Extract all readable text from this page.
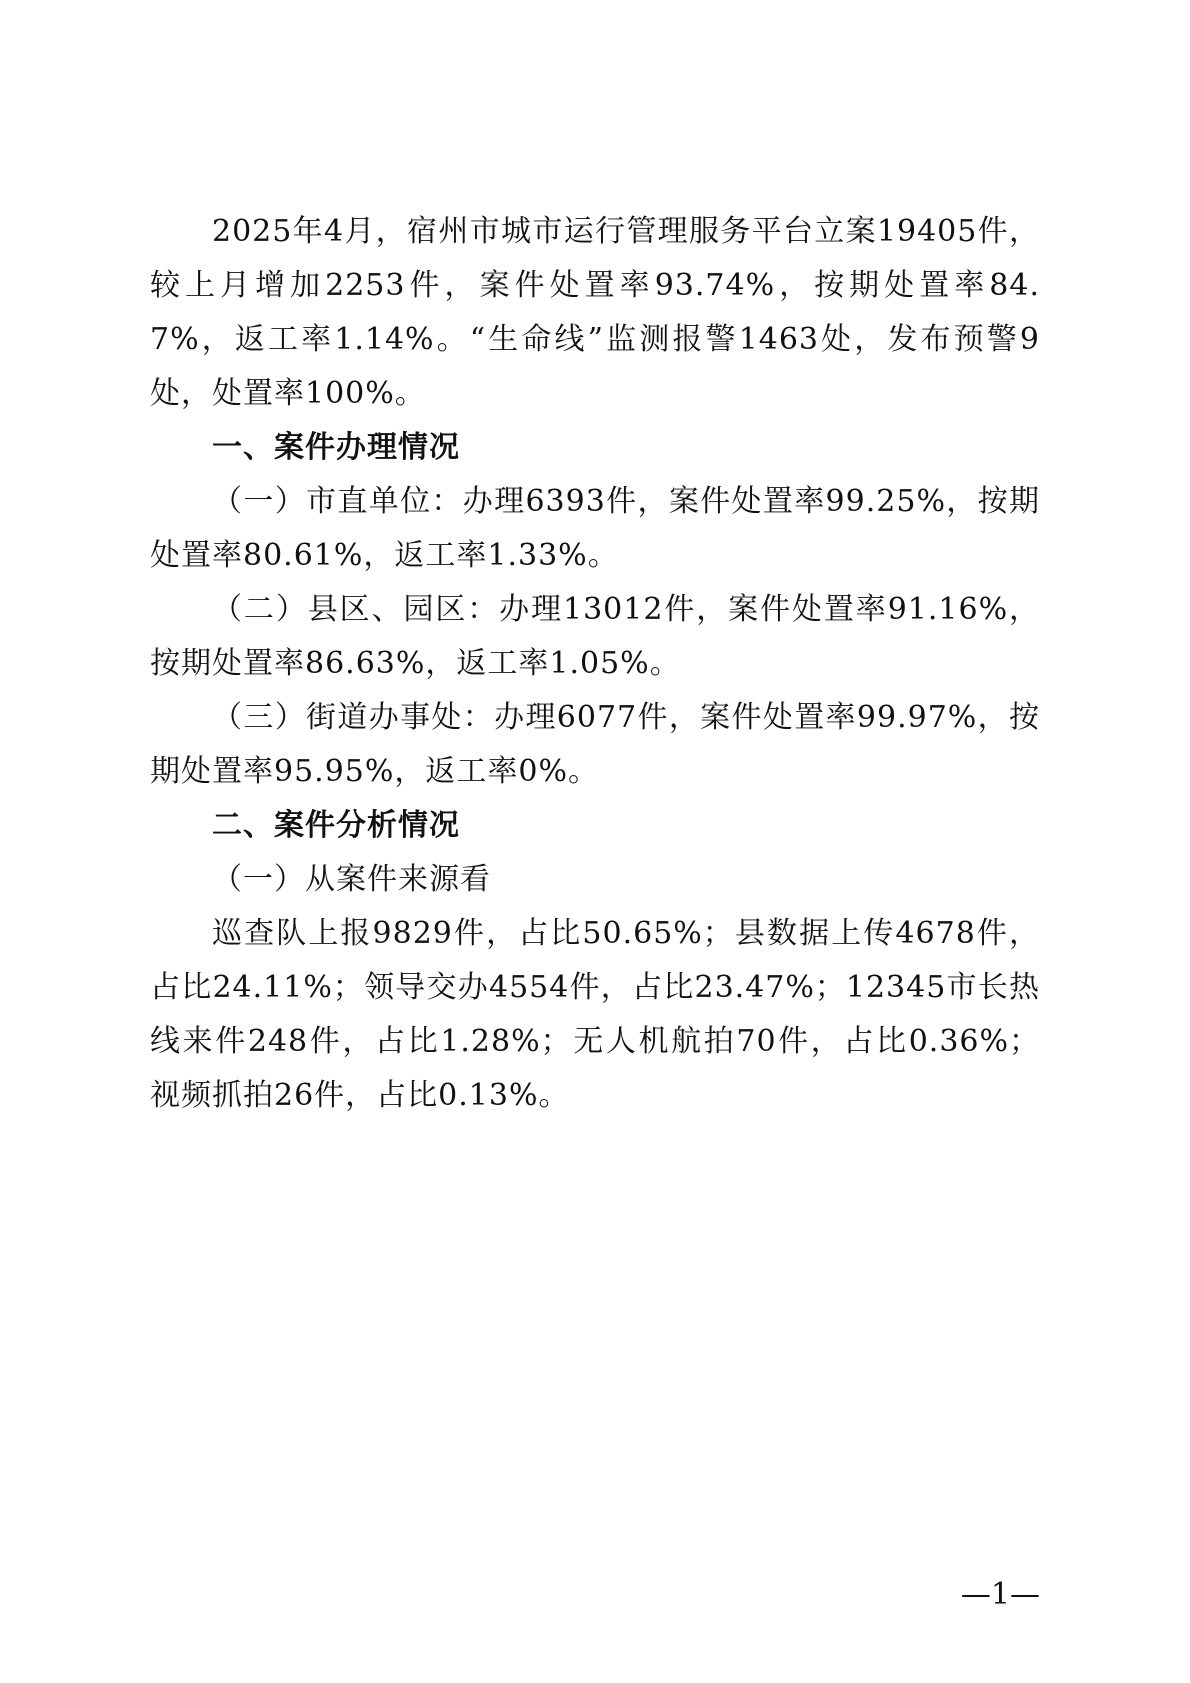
2025年4月，宿州市城市运行管理服务平台立案19405件，较上月增加2253件，案件处置率93.74%，按期处置率84.7%，返工率1.14%。“生命线”监测报警1463处，发布预警9处，处置率100%。

一、案件办理情况

（一）市直单位：办理6393件，案件处置率99.25%，按期处置率80.61%，返工率1.33%。

（二）县区、园区：办理13012件，案件处置率91.16%，按期处置率86.63%，返工率1.05%。

（三）街道办事处：办理6077件，案件处置率99.97%，按期处置率95.95%，返工率0%。

二、案件分析情况

（一）从案件来源看

巡查队上报9829件，占比50.65%；县数据上传4678件，占比24.11%；领导交办4554件，占比23.47%；12345市长热线来件248件，占比1.28%；无人机航拍70件，占比0.36%；视频抓拍26件，占比0.13%。

—1—
